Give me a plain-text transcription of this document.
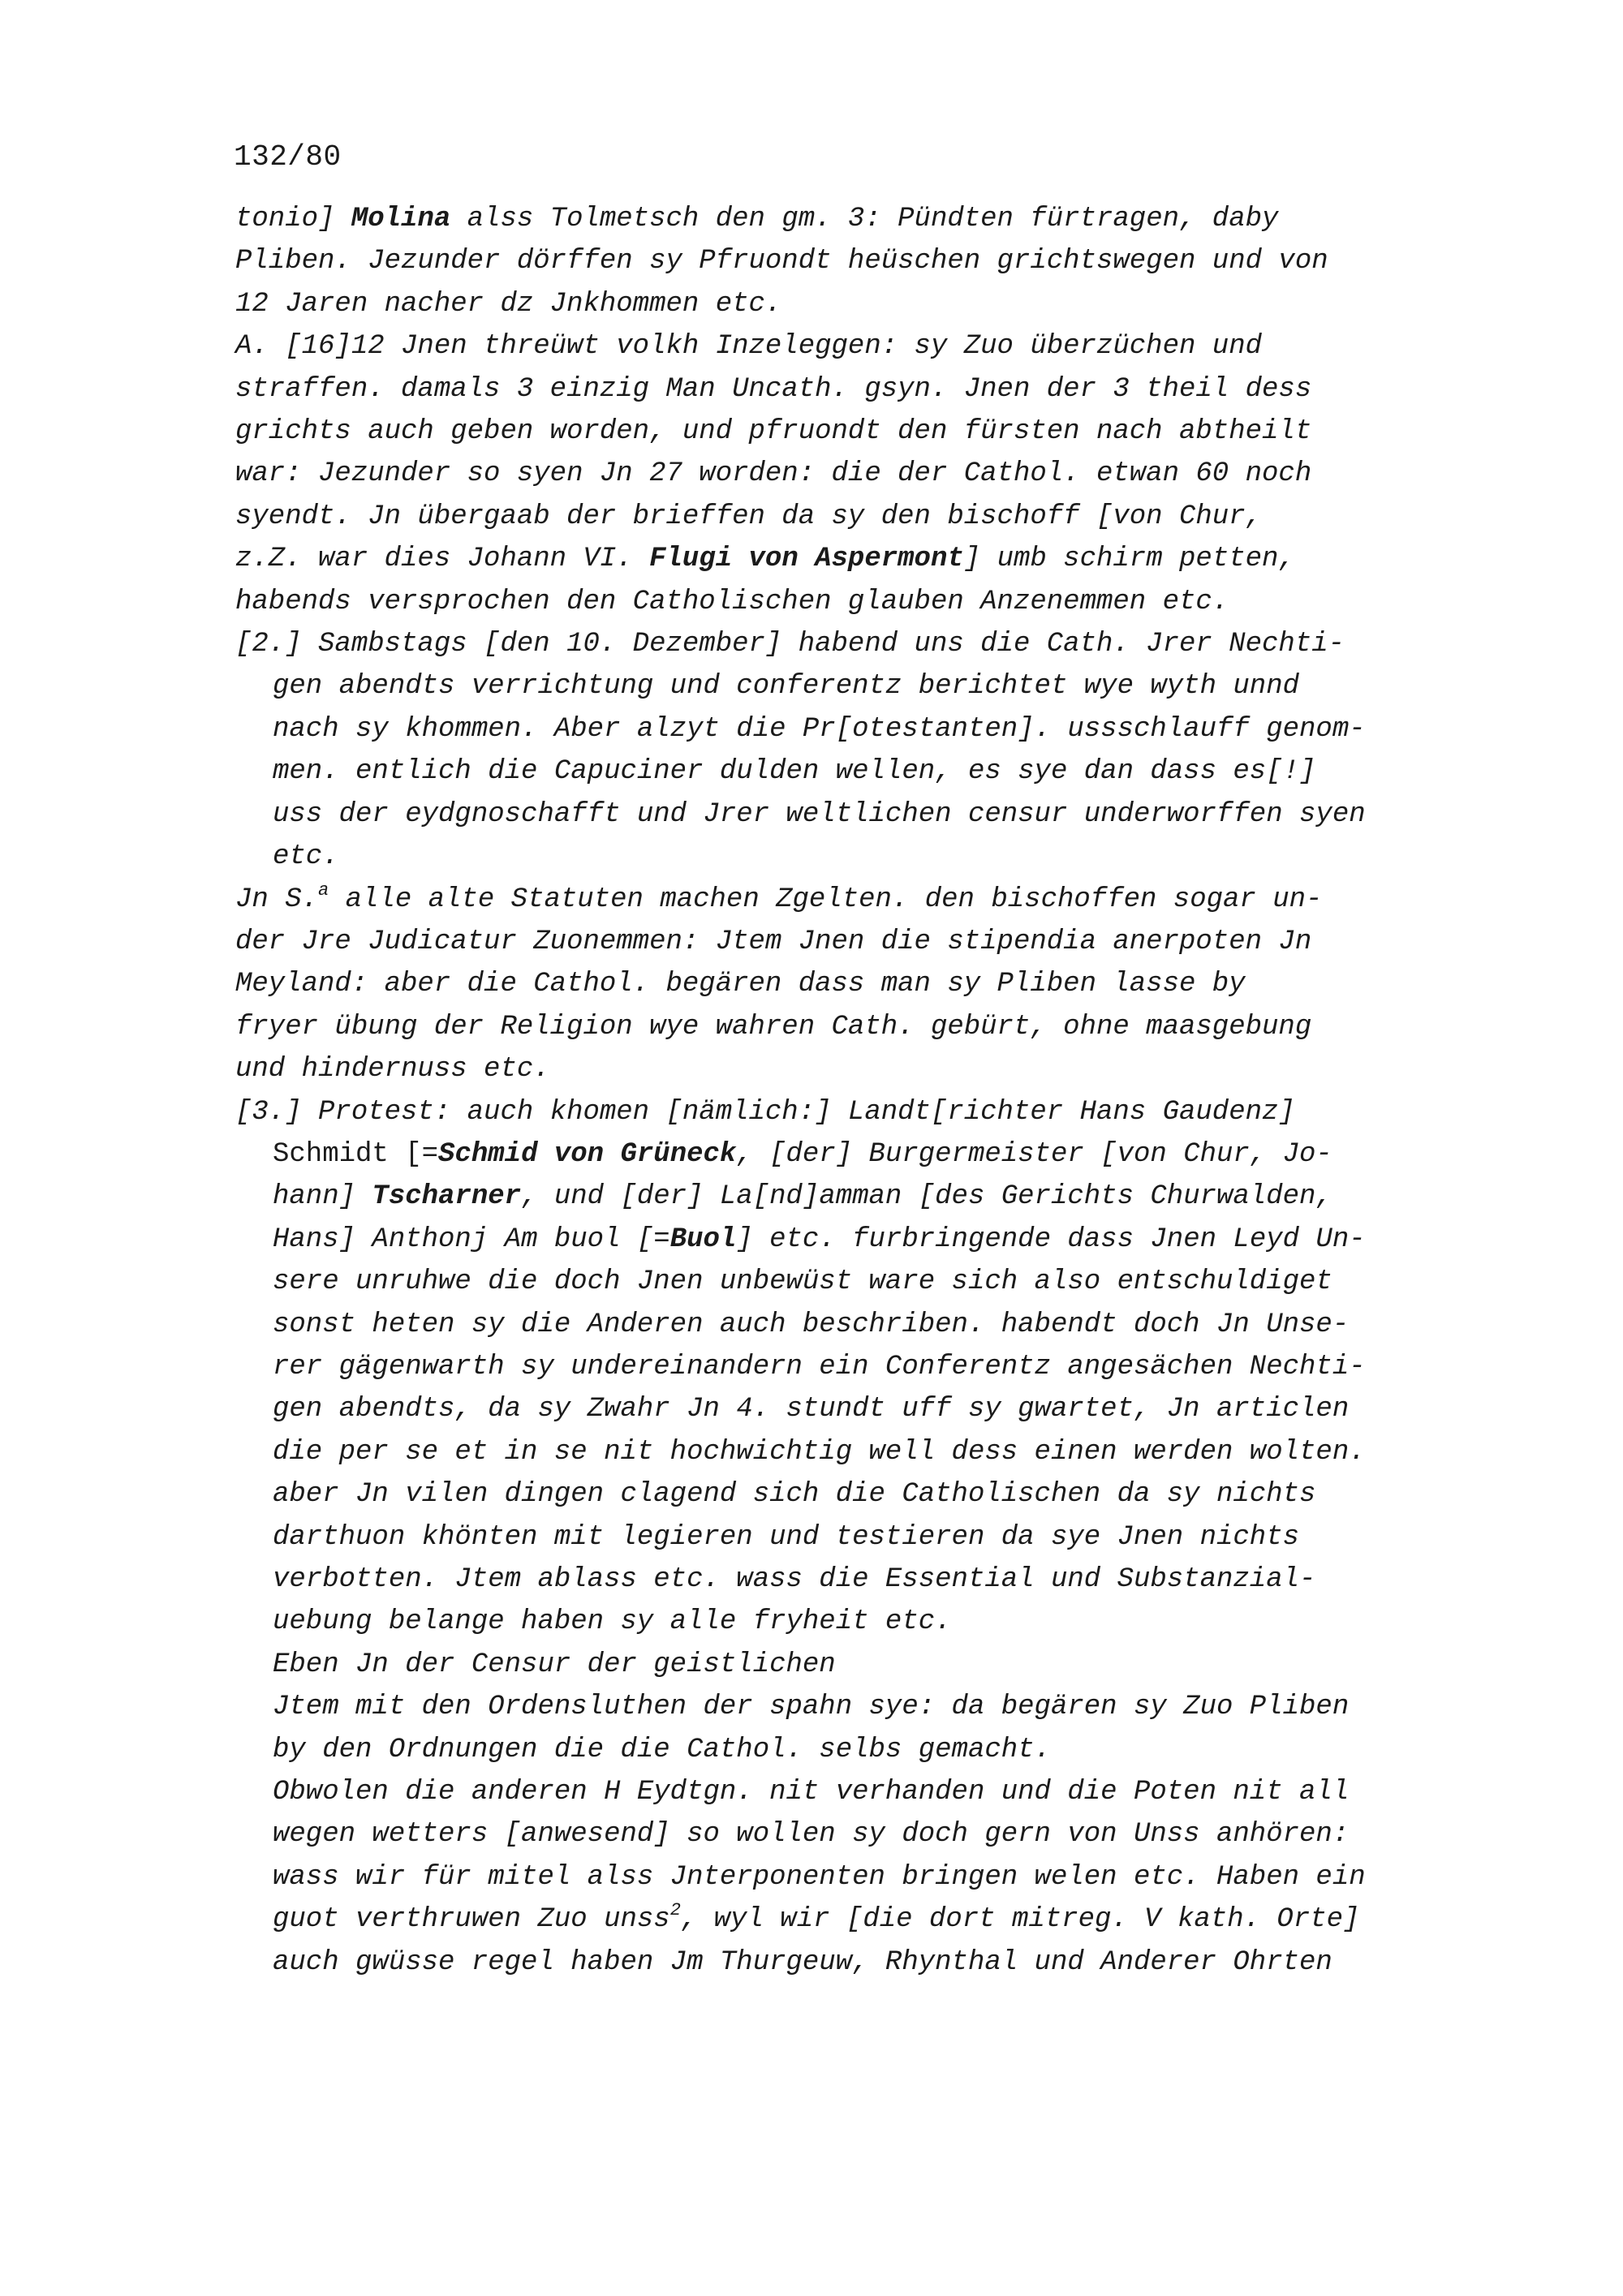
132/80
tonio] Molina alss Tolmetsch den gm. 3: Pündten fürtragen, daby
Pliben. Jezunder dörffen sy Pfruondt heüschen grichtswegen und von
12 Jaren nacher dz Jnkhommen etc.
A. [16]12 Jnen threüwt volkh Inzeleggen: sy Zuo überzüchen und
straffen. damals 3 einzig Man Uncath. gsyn. Jnen der 3 theil dess
grichts auch geben worden, und pfruondt den fürsten nach abtheilt
war: Jezunder so syen Jn 27 worden: die der Cathol. etwan 60 noch
syendt. Jn übergaab der brieffen da sy den bischoff [von Chur,
z.Z. war dies Johann VI. Flugi von Aspermont] umb schirm petten,
habends versprochen den Catholischen glauben Anzenemmen etc.
[2.] Sambstags [den 10. Dezember] habend uns die Cath. Jrer Nechti-
gen abendts verrichtung und conferentz berichtet wye wyth unnd
nach sy khommen. Aber alzyt die Pr[otestanten]. ussschlauff genom-
men. entlich die Capuciner dulden wellen, es sye dan dass es[!]
uss der eydgnoschafft und Jrer weltlichen censur underworffen syen
etc.
Jn S.$^a$ alle alte Statuten machen Zgelten. den bischoffen sogar un-
der Jre Judicatur Zuonemmen: Jtem Jnen die stipendia anerpoten Jn
Meyland: aber die Cathol. begären dass man sy Pliben lasse by
fryer übung der Religion wye wahren Cath. gebürt, ohne maasgebung
und hindernuss etc.
[3.] Protest: auch khomen [nämlich:] Landt[richter Hans Gaudenz]
Schmidt [=Schmid von Grüneck, [der] Burgermeister [von Chur, Jo-
hann] Tscharner, und [der] La[nd]amman [des Gerichts Churwalden,
Hans] Anthonj Am buol [=Buol] etc. furbringende dass Jnen Leyd Un-
sere unruhwe die doch Jnen unbewüst ware sich also entschuldiget
sonst heten sy die Anderen auch beschriben. habendt doch Jn Unse-
rer gägenwarth sy undereinandern ein Conferentz angesächen Nechti-
gen abendts, da sy Zwahr Jn 4. stundt uff sy gwartet, Jn articlen
die per se et in se nit hochwichtig well dess einen werden wolten.
aber Jn vilen dingen clagend sich die Catholischen da sy nichts
darthuon khönten mit legieren und testieren da sye Jnen nichts
verbotten. Jtem ablass etc. wass die Essential und Substanzial-
uebung belange haben sy alle fryheit etc.
Eben Jn der Censur der geistlichen
Jtem mit den Ordensluthen der spahn sye: da begären sy Zuo Pliben
by den Ordnungen die die Cathol. selbs gemacht.
Obwolen die anderen H Eydtgn. nit verhanden und die Poten nit all
wegen wetters [anwesend] so wollen sy doch gern von Unss anhören:
wass wir für mitel alss Jnterponenten bringen welen etc. Haben ein
guot verthruwen Zuo unss$^2$, wyl wir [die dort mitreg. V kath. Orte]
auch gwüsse regel haben Jm Thurgeuw, Rhynthal und Anderer Ohrten
